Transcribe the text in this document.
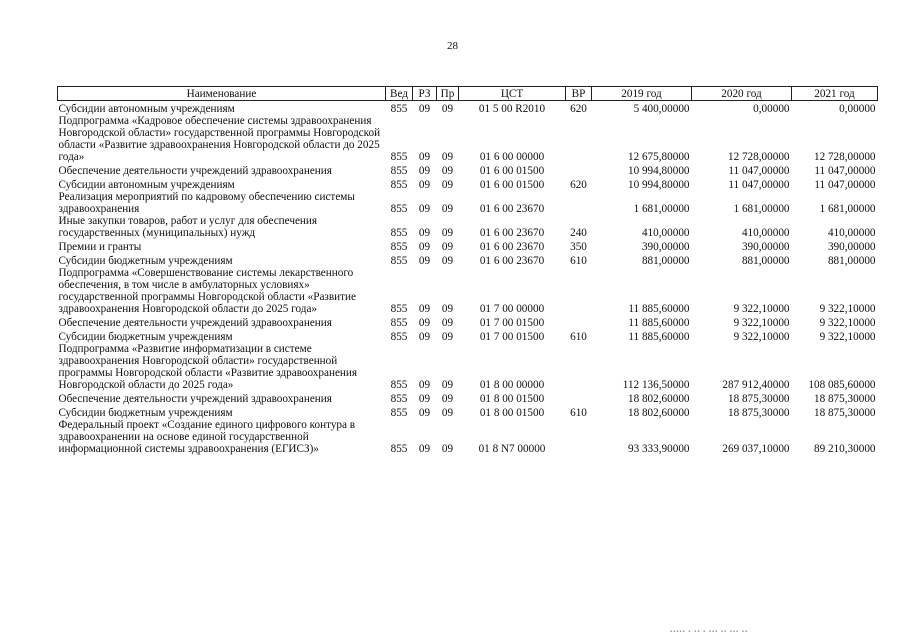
28
Наименование	Вед	РЗ	Пр	ЦСТ	ВР	2019 год	2020 год	2021 год
Субсидии автономным учреждениям	855	09	09	01 5 00 R2010	620	5 400,00000	0,00000	0,00000
Подпрограмма «Кадровое обеспечение системы здравоохранения Новгородской области» государственной программы Новгородской области «Развитие здравоохранения Новгородской области до 2025 года»	855	09	09	01 6 00 00000		12 675,80000	12 728,00000	12 728,00000
Обеспечение деятельности учреждений здравоохранения	855	09	09	01 6 00 01500		10 994,80000	11 047,00000	11 047,00000
Субсидии автономным учреждениям	855	09	09	01 6 00 01500	620	10 994,80000	11 047,00000	11 047,00000
Реализация мероприятий по кадровому обеспечению системы здравоохранения	855	09	09	01 6 00 23670		1 681,00000	1 681,00000	1 681,00000
Иные закупки товаров, работ и услуг для обеспечения государственных (муниципальных) нужд	855	09	09	01 6 00 23670	240	410,00000	410,00000	410,00000
Премии и гранты	855	09	09	01 6 00 23670	350	390,00000	390,00000	390,00000
Субсидии бюджетным учреждениям	855	09	09	01 6 00 23670	610	881,00000	881,00000	881,00000
Подпрограмма «Совершенствование системы лекарственного обеспечения, в том числе в амбулаторных условиях» государственной программы Новгородской области «Развитие здравоохранения Новгородской области до 2025 года»	855	09	09	01 7 00 00000		11 885,60000	9 322,10000	9 322,10000
Обеспечение деятельности учреждений здравоохранения	855	09	09	01 7 00 01500		11 885,60000	9 322,10000	9 322,10000
Субсидии бюджетным учреждениям	855	09	09	01 7 00 01500	610	11 885,60000	9 322,10000	9 322,10000
Подпрограмма «Развитие информатизации в системе здравоохранения Новгородской области» государственной программы Новгородской области «Развитие здравоохранения Новгородской области до 2025 года»	855	09	09	01 8 00 00000		112 136,50000	287 912,40000	108 085,60000
Обеспечение деятельности учреждений здравоохранения	855	09	09	01 8 00 01500		18 802,60000	18 875,30000	18 875,30000
Субсидии бюджетным учреждениям	855	09	09	01 8 00 01500	610	18 802,60000	18 875,30000	18 875,30000
Федеральный проект «Создание единого цифрового контура в здравоохранении на основе единой государственной информационной системы здравоохранения (ЕГИСЗ)»	855	09	09	01 8 N7 00000		93 333,90000	269 037,10000	89 210,30000
▪▪▪▪▪ ▪ ▪▪ ▪ ▪▪▪ ▪▪ ▪▪▪ ▪▪
